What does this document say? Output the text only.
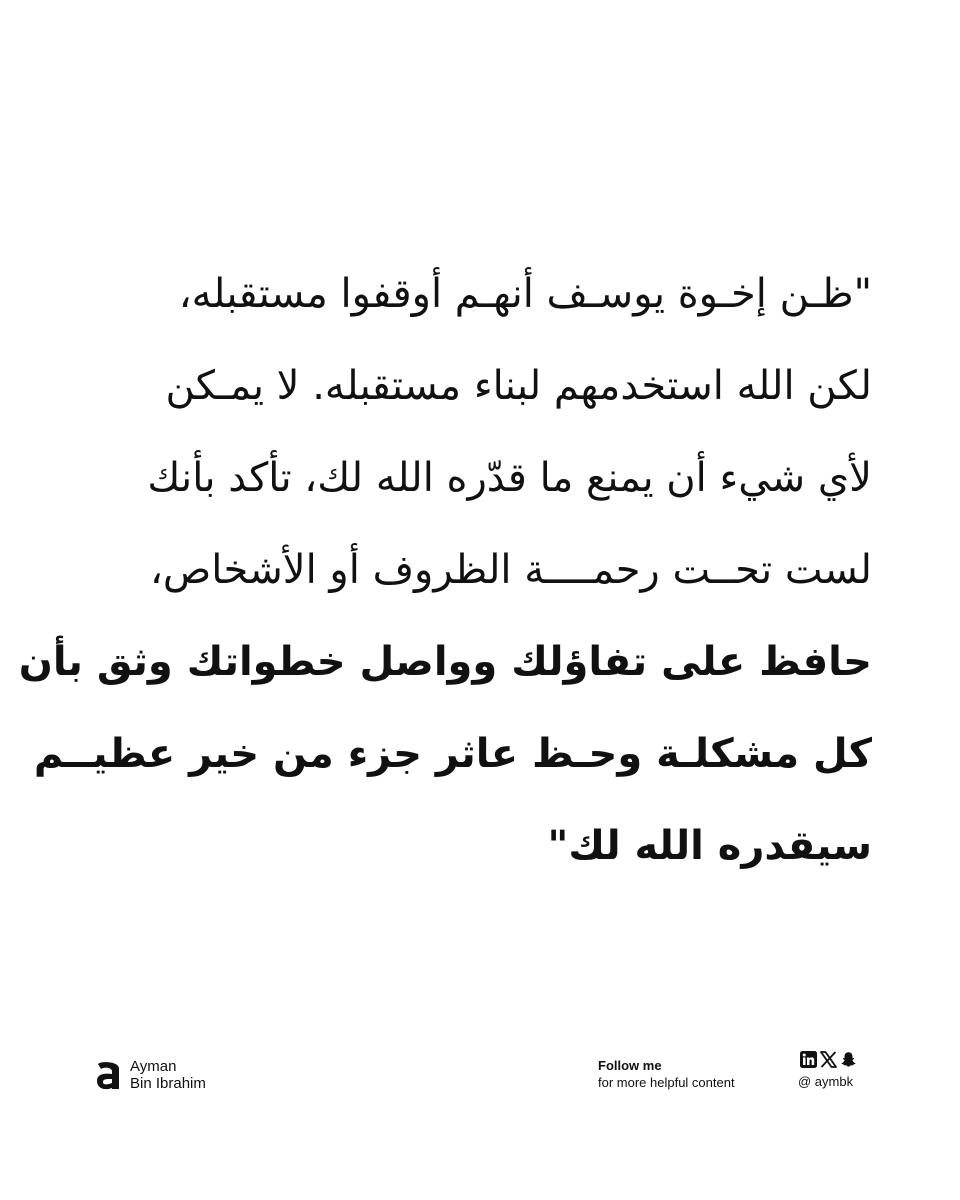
"ظـن إخـوة يوسـف أنهـم أوقفوا مستقبله،
لكن الله استخدمهم لبناء مستقبله. لا يمـكن
لأي شيء أن يمنع ما قدّره الله لك، تأكد بأنك
لست تحــت رحمــــة الظروف أو الأشخاص،
حافظ على تفاؤلك وواصل خطواتك وثق بأن
كل مشكلـة وحـظ عاثر جزء من خير عظيــم
سيقدره الله لك"
Ayman
Bin Ibrahim
Follow me
for more helpful content	@ aymbk
